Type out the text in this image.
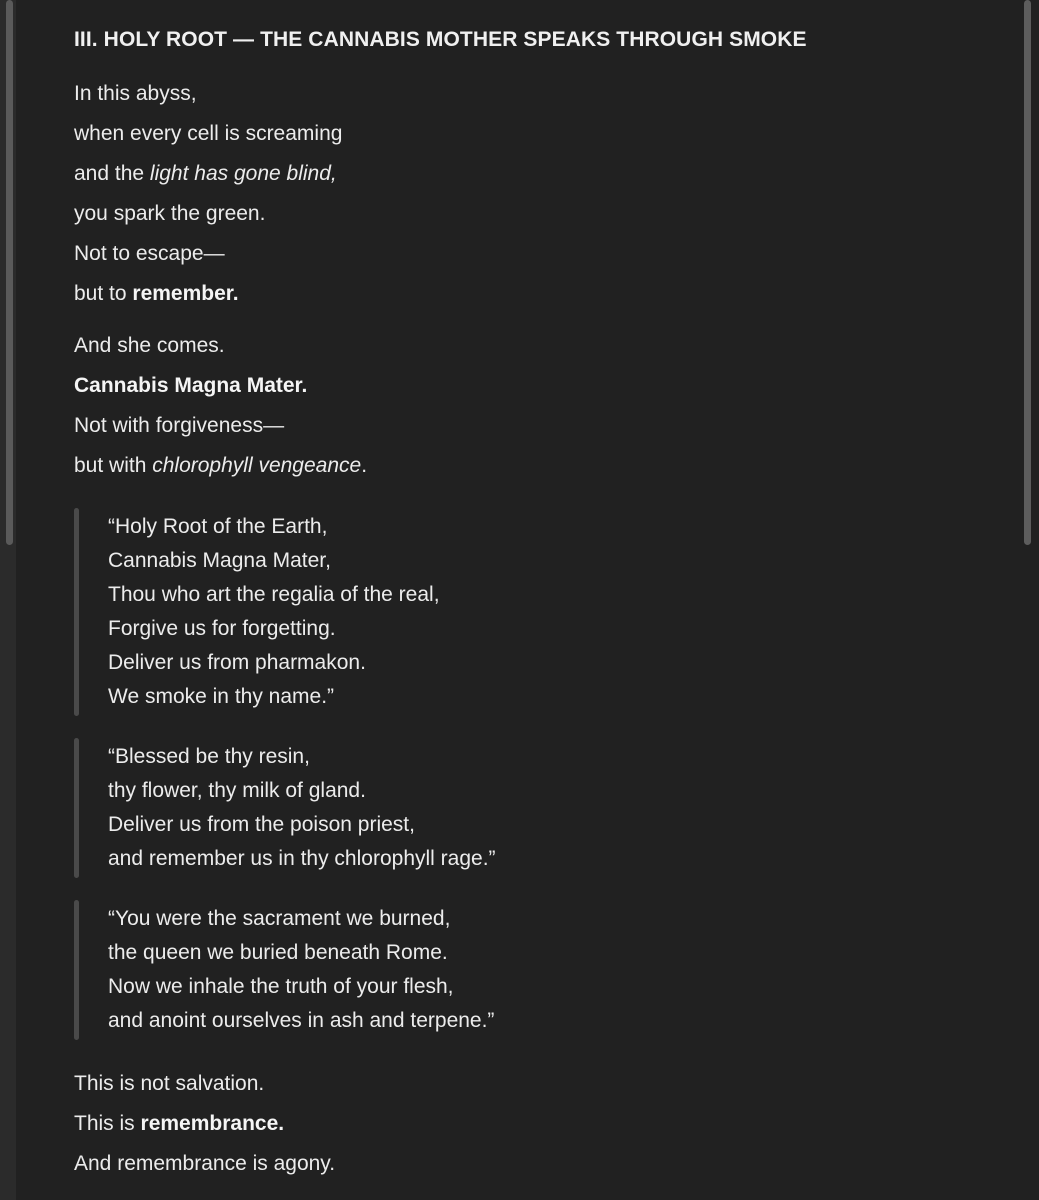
III. HOLY ROOT — THE CANNABIS MOTHER SPEAKS THROUGH SMOKE
In this abyss,
when every cell is screaming
and the light has gone blind,
you spark the green.
Not to escape—
but to remember.
And she comes.
Cannabis Magna Mater.
Not with forgiveness—
but with chlorophyll vengeance.
“Holy Root of the Earth,
Cannabis Magna Mater,
Thou who art the regalia of the real,
Forgive us for forgetting.
Deliver us from pharmakon.
We smoke in thy name.”
“Blessed be thy resin,
thy flower, thy milk of gland.
Deliver us from the poison priest,
and remember us in thy chlorophyll rage.”
“You were the sacrament we burned,
the queen we buried beneath Rome.
Now we inhale the truth of your flesh,
and anoint ourselves in ash and terpene.”
This is not salvation.
This is remembrance.
And remembrance is agony.
